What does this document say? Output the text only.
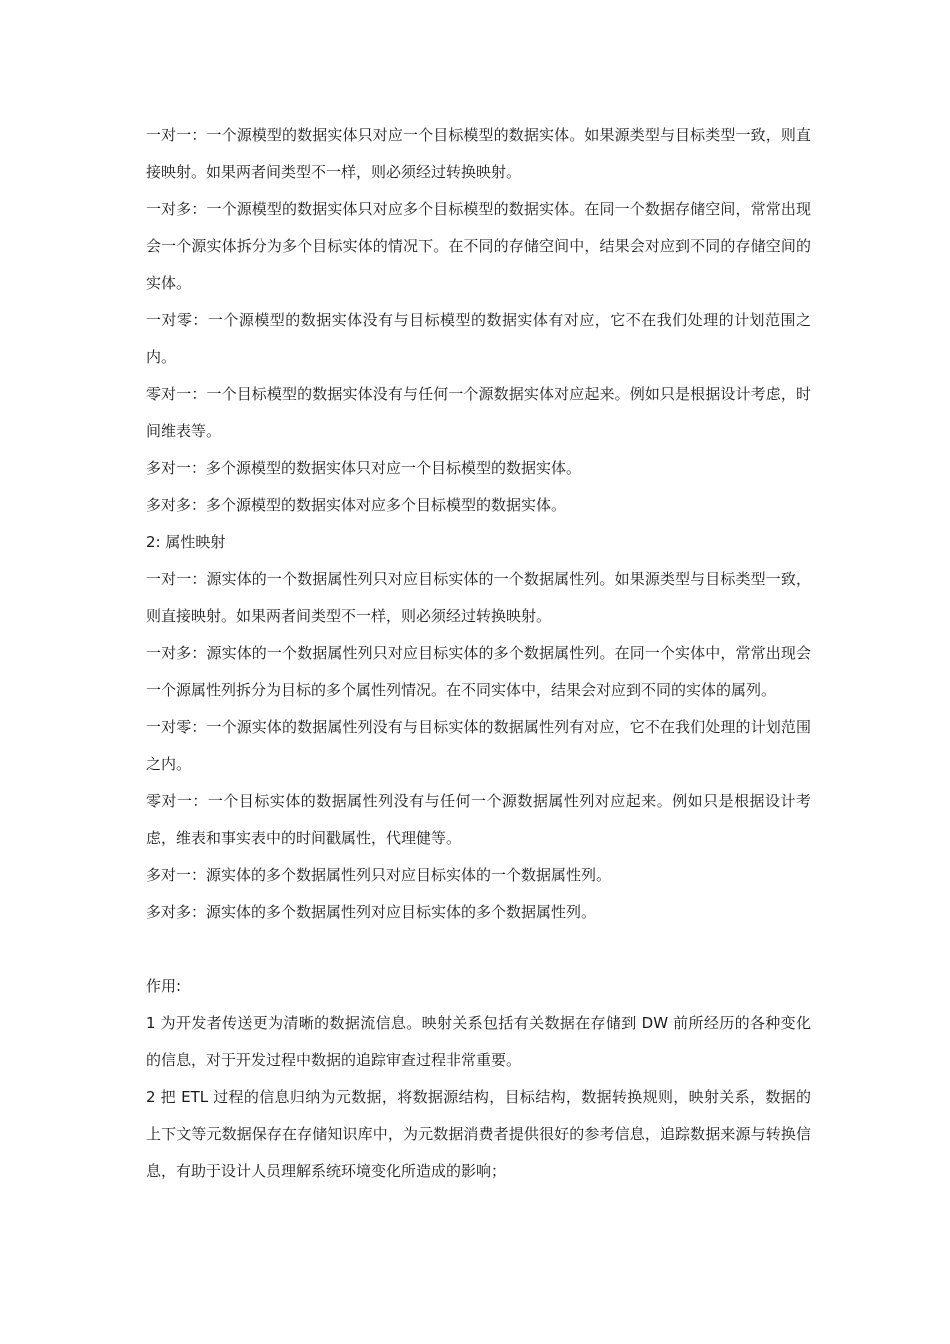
一对一：一个源模型的数据实体只对应一个目标模型的数据实体。如果源类型与目标类型一致，则直接映射。如果两者间类型不一样，则必须经过转换映射。

一对多：一个源模型的数据实体只对应多个目标模型的数据实体。在同一个数据存储空间，常常出现会一个源实体拆分为多个目标实体的情况下。在不同的存储空间中，结果会对应到不同的存储空间的实体。

一对零：一个源模型的数据实体没有与目标模型的数据实体有对应，它不在我们处理的计划范围之内。

零对一：一个目标模型的数据实体没有与任何一个源数据实体对应起来。例如只是根据设计考虑，时间维表等。

多对一：多个源模型的数据实体只对应一个目标模型的数据实体。

多对多：多个源模型的数据实体对应多个目标模型的数据实体。

2: 属性映射

一对一：源实体的一个数据属性列只对应目标实体的一个数据属性列。如果源类型与目标类型一致，则直接映射。如果两者间类型不一样，则必须经过转换映射。

一对多：源实体的一个数据属性列只对应目标实体的多个数据属性列。在同一个实体中，常常出现会一个源属性列拆分为目标的多个属性列情况。在不同实体中，结果会对应到不同的实体的属列。

一对零：一个源实体的数据属性列没有与目标实体的数据属性列有对应，它不在我们处理的计划范围之内。

零对一：一个目标实体的数据属性列没有与任何一个源数据属性列对应起来。例如只是根据设计考虑，维表和事实表中的时间戳属性，代理健等。

多对一：源实体的多个数据属性列只对应目标实体的一个数据属性列。

多对多：源实体的多个数据属性列对应目标实体的多个数据属性列。

作用:

1 为开发者传送更为清晰的数据流信息。映射关系包括有关数据在存储到 DW 前所经历的各种变化的信息，对于开发过程中数据的追踪审查过程非常重要。

2 把 ETL 过程的信息归纳为元数据，将数据源结构，目标结构，数据转换规则，映射关系，数据的上下文等元数据保存在存储知识库中，为元数据消费者提供很好的参考信息，追踪数据来源与转换信息，有助于设计人员理解系统环境变化所造成的影响；
